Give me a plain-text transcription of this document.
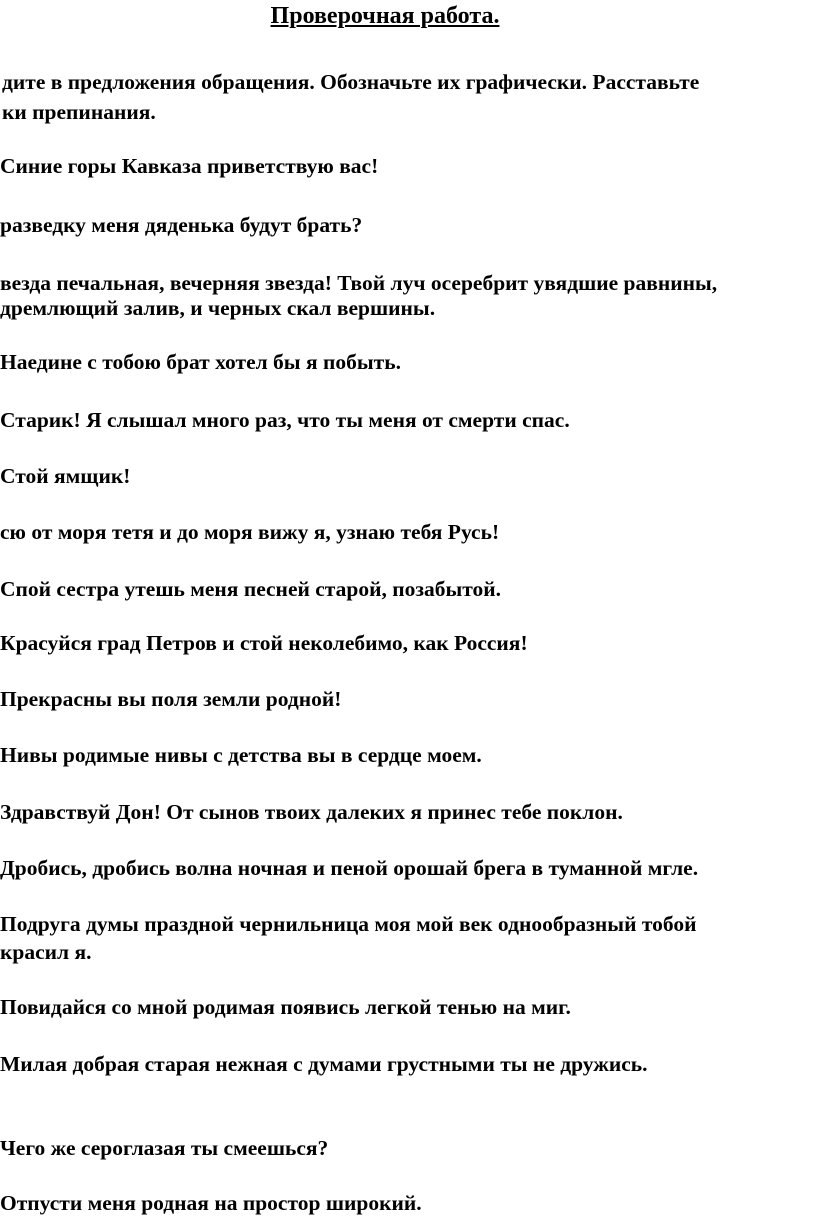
Проверочная работа.

дите в предложения обращения. Обозначьте их графически. Расставьте

ки препинания.

Синие горы Кавказа приветствую вас!

разведку меня дяденька будут брать?

везда печальная, вечерняя звезда! Твой луч осеребрит увядшие равнины,

дремлющий залив, и черных скал вершины.

Наедине с тобою брат хотел бы я побыть.

Старик! Я слышал много раз, что ты меня от смерти спас.

Стой ямщик!

сю от моря тетя и до моря вижу я, узнаю тебя Русь!

Спой сестра утешь меня песней старой, позабытой.

Красуйся град Петров и стой неколебимо, как Россия!

Прекрасны вы поля земли родной!

Нивы родимые нивы с детства вы в сердце моем.

Здравствуй Дон! От сынов твоих далеких я принес тебе поклон.

Дробись, дробись волна ночная и пеной орошай брега в туманной мгле.

Подруга думы праздной чернильница моя мой век однообразный тобой

красил я.

Повидайся со мной родимая появись легкой тенью на миг.

Милая добрая старая нежная с думами грустными ты не дружись.

Чего же сероглазая ты смеешься?

Отпусти меня родная на простор широкий.
